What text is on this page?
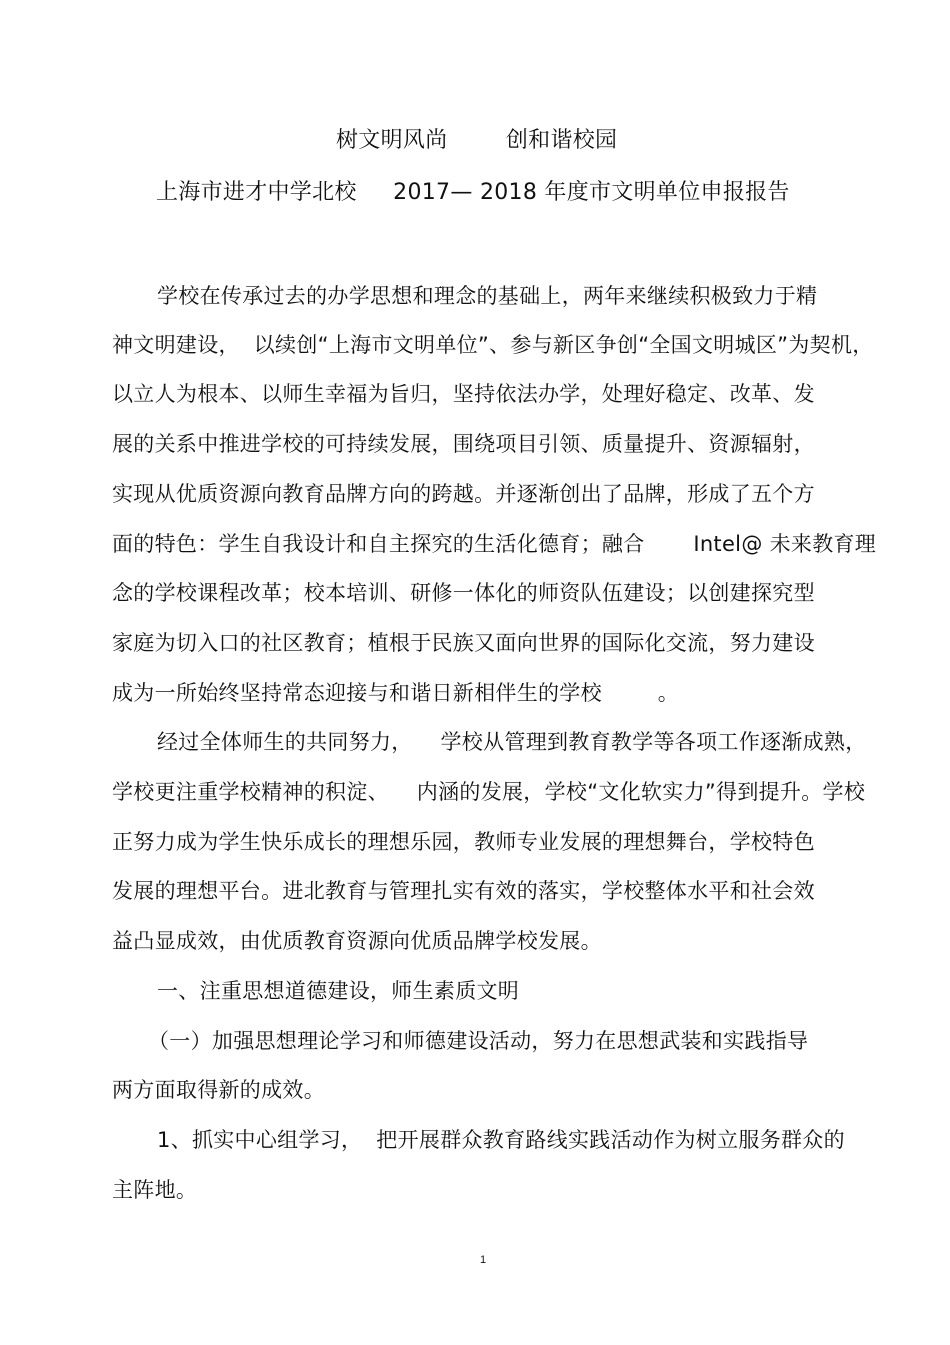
树文明风尚        创和谐校园
上海市进才中学北校     2017— 2018 年度市文明单位申报报告
学校在传承过去的办学思想和理念的基础上，两年来继续积极致力于精
神文明建设，  以续创“上海市文明单位”、参与新区争创“全国文明城区”为契机，
以立人为根本、以师生幸福为旨归，坚持依法办学，处理好稳定、改革、发
展的关系中推进学校的可持续发展，围绕项目引领、质量提升、资源辐射，
实现从优质资源向教育品牌方向的跨越。并逐渐创出了品牌，形成了五个方
面的特色：学生自我设计和自主探究的生活化德育；融合       Intel@ 未来教育理
念的学校课程改革；校本培训、研修一体化的师资队伍建设；以创建探究型
家庭为切入口的社区教育；植根于民族又面向世界的国际化交流，努力建设
成为一所始终坚持常态迎接与和谐日新相伴生的学校        。
经过全体师生的共同努力，    学校从管理到教育教学等各项工作逐渐成熟，
学校更注重学校精神的积淀、    内涵的发展，学校“文化软实力”得到提升。学校
正努力成为学生快乐成长的理想乐园，教师专业发展的理想舞台，学校特色
发展的理想平台。进北教育与管理扎实有效的落实，学校整体水平和社会效
益凸显成效，由优质教育资源向优质品牌学校发展。
一、注重思想道德建设，师生素质文明
（一）加强思想理论学习和师德建设活动，努力在思想武装和实践指导
两方面取得新的成效。
1、抓实中心组学习，  把开展群众教育路线实践活动作为树立服务群众的
主阵地。
1
